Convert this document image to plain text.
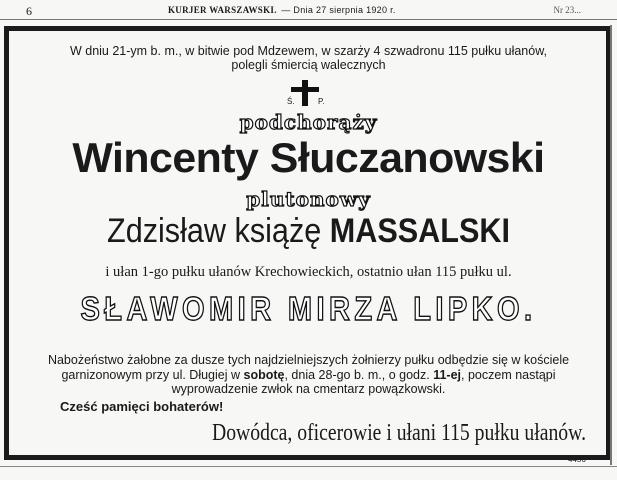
6	KURJER WARSZAWSKI. — Dnia 27 sierpnia 1920 r.	Nr 23...
W dniu 21-ym b. m., w bitwie pod Mdzewem, w szarży 4 szwadronu 115 pułku ułanów,
polegli śmiercią walecznych
Ś.	P.
podchorąży
Wincenty Słuczanowski
plutonowy
Zdzisław książę MASSALSKI
i ułan 1-go pułku ułanów Krechowieckich, ostatnio ułan 115 pułku ul.
SŁAWOMIR MIRZA LIPKO.
Nabożeństwo żałobne za dusze tych najdzielniejszych żołnierzy pułku odbędzie się w kościele
garnizonowym przy ul. Długiej w sobotę, dnia 28-go b. m., o godz. 11-ej, poczem nastąpi
wyprowadzenie zwłok na cmentarz powązkowski.
Cześć pamięci bohaterów!
Dowódca, oficerowie i ułani 115 pułku ułanów.
4456
